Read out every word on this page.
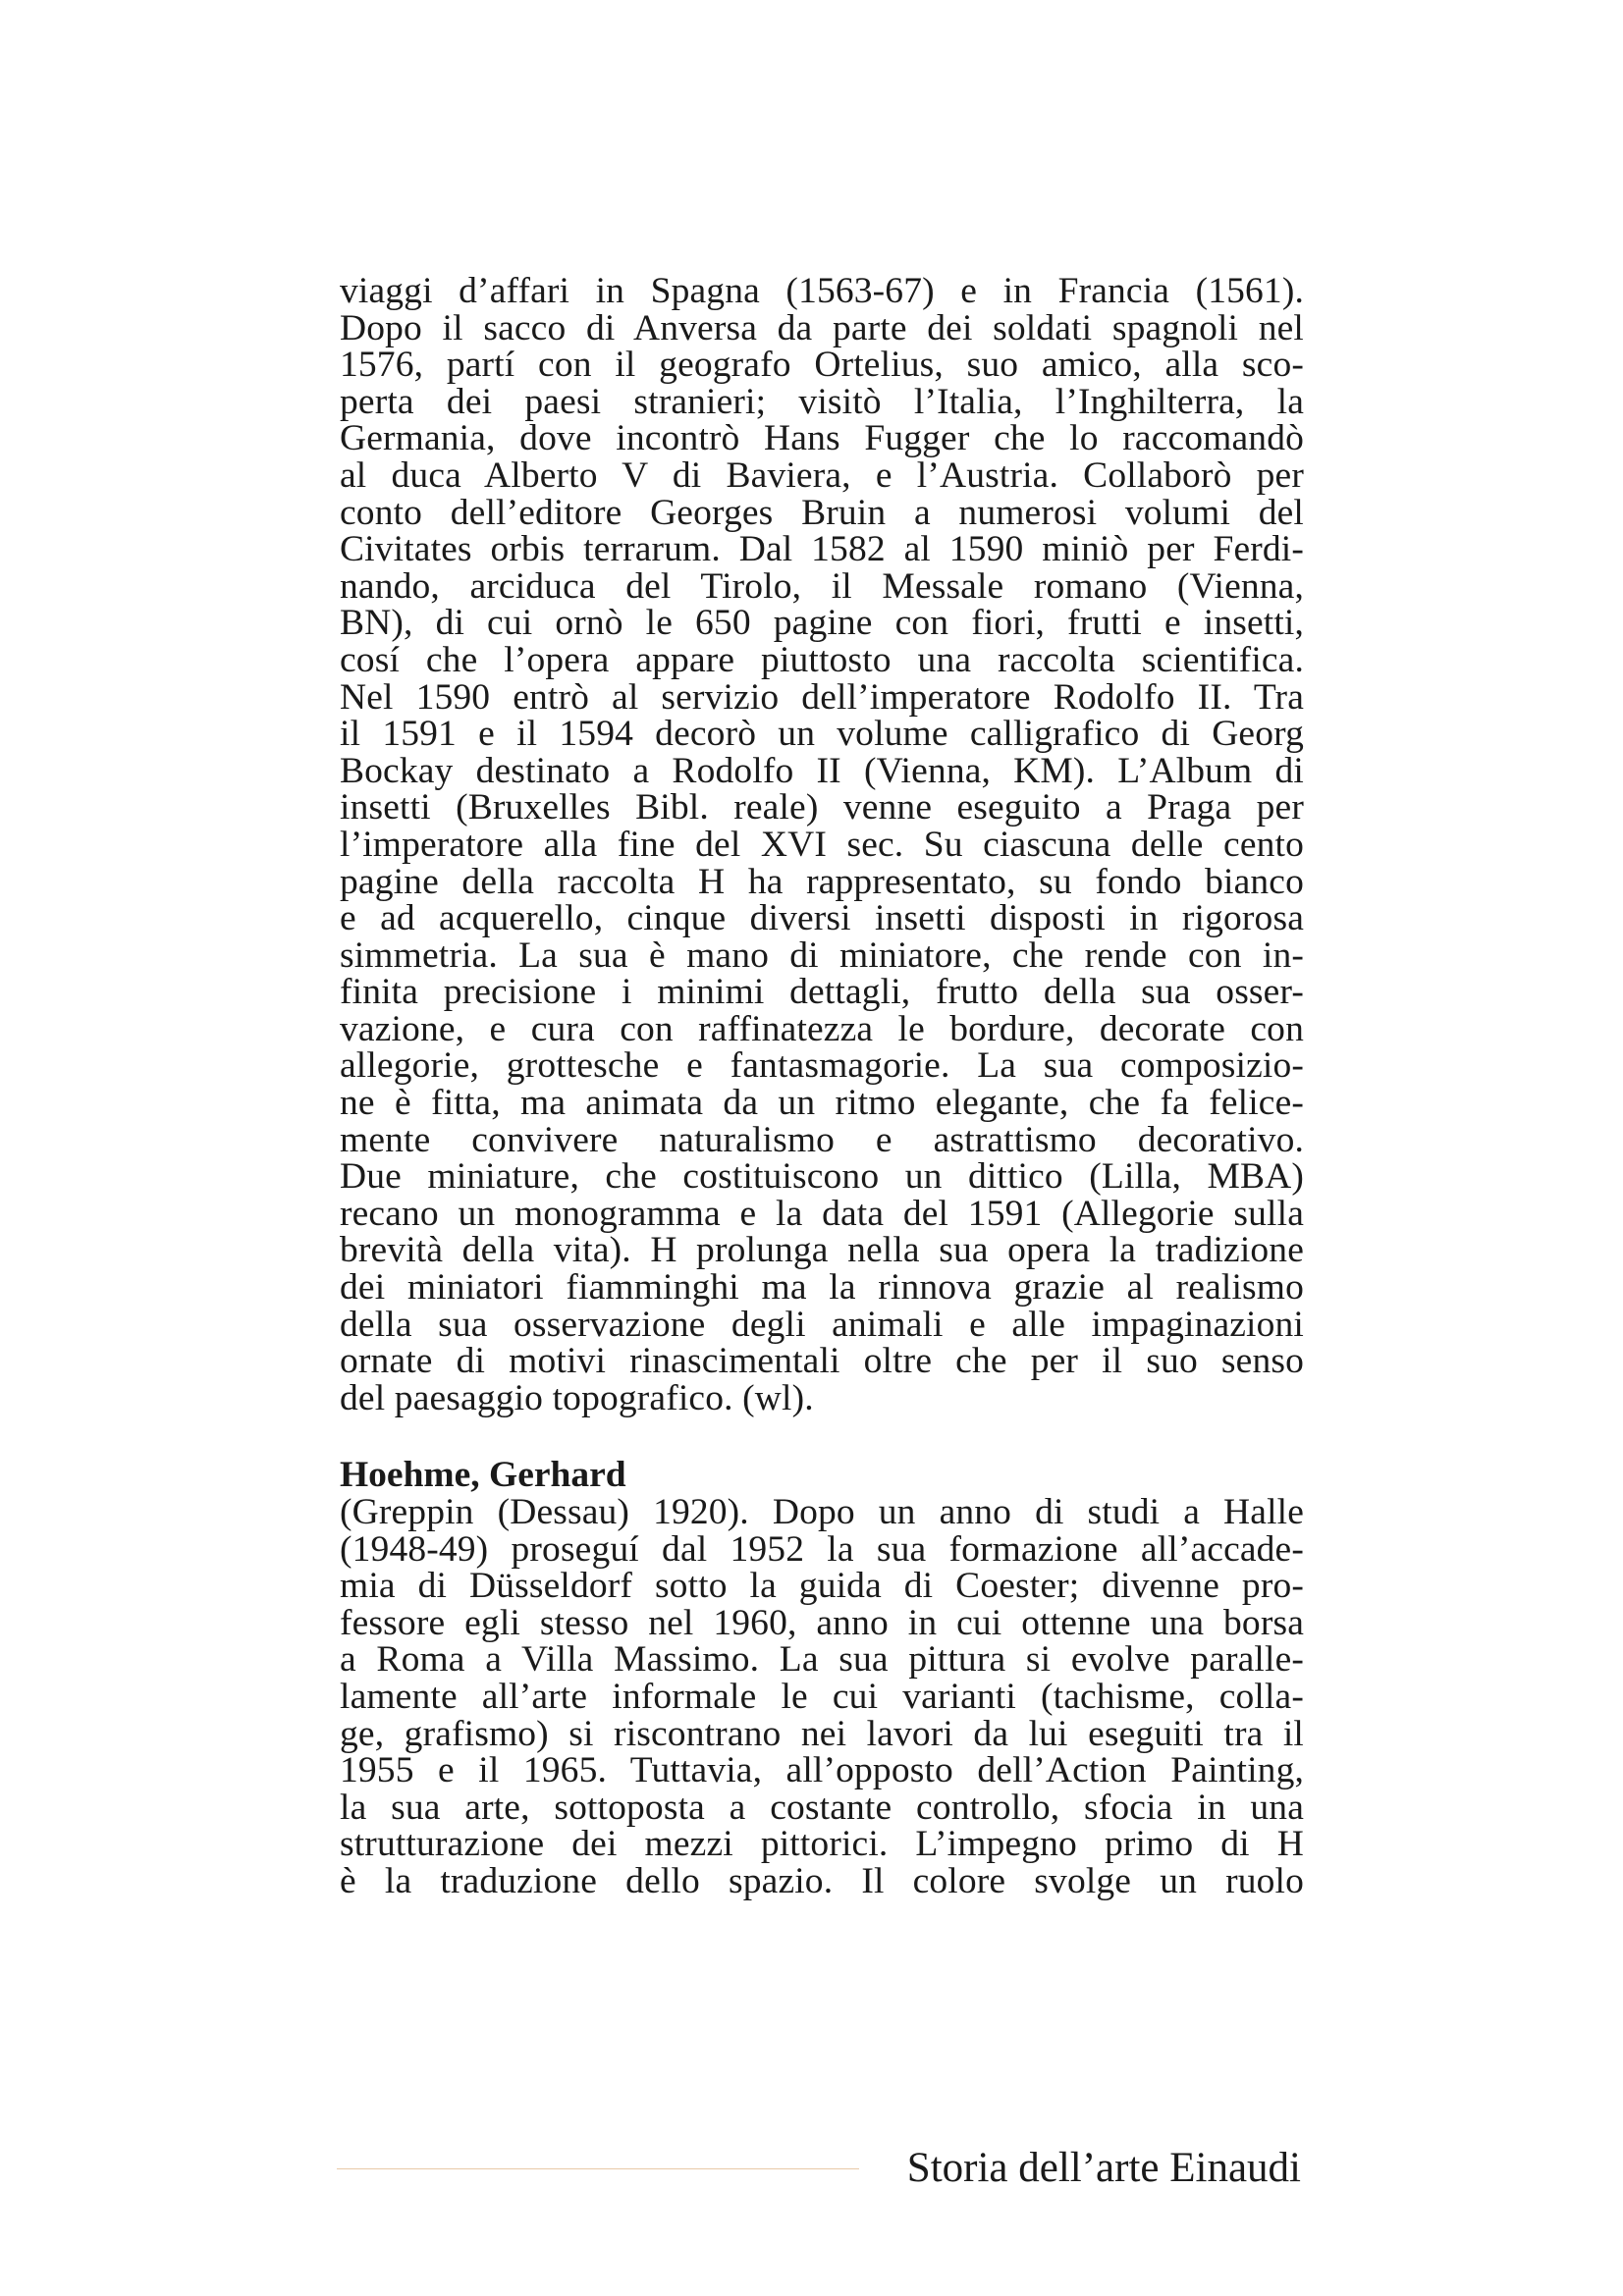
viaggi d’affari in Spagna (1563-67) e in Francia (1561).
Dopo il sacco di Anversa da parte dei soldati spagnoli nel
1576, partí con il geografo Ortelius, suo amico, alla sco-
perta dei paesi stranieri; visitò l’Italia, l’Inghilterra, la
Germania, dove incontrò Hans Fugger che lo raccomandò
al duca Alberto V di Baviera, e l’Austria. Collaborò per
conto dell’editore Georges Bruin a numerosi volumi del
Civitates orbis terrarum. Dal 1582 al 1590 miniò per Ferdi-
nando, arciduca del Tirolo, il Messale romano (Vienna,
BN), di cui ornò le 650 pagine con fiori, frutti e insetti,
cosí che l’opera appare piuttosto una raccolta scientifica.
Nel 1590 entrò al servizio dell’imperatore Rodolfo II. Tra
il 1591 e il 1594 decorò un volume calligrafico di Georg
Bockay destinato a Rodolfo II (Vienna, KM). L’Album di
insetti (Bruxelles Bibl. reale) venne eseguito a Praga per
l’imperatore alla fine del XVI sec. Su ciascuna delle cento
pagine della raccolta H ha rappresentato, su fondo bianco
e ad acquerello, cinque diversi insetti disposti in rigorosa
simmetria. La sua è mano di miniatore, che rende con in-
finita precisione i minimi dettagli, frutto della sua osser-
vazione, e cura con raffinatezza le bordure, decorate con
allegorie, grottesche e fantasmagorie. La sua composizio-
ne è fitta, ma animata da un ritmo elegante, che fa felice-
mente convivere naturalismo e astrattismo decorativo.
Due miniature, che costituiscono un dittico (Lilla, MBA)
recano un monogramma e la data del 1591 (Allegorie sulla
brevità della vita). H prolunga nella sua opera la tradizione
dei miniatori fiamminghi ma la rinnova grazie al realismo
della sua osservazione degli animali e alle impaginazioni
ornate di motivi rinascimentali oltre che per il suo senso
del paesaggio topografico. (wl).
Hoehme, Gerhard
(Greppin (Dessau) 1920). Dopo un anno di studi a Halle
(1948-49) proseguí dal 1952 la sua formazione all’accade-
mia di Düsseldorf sotto la guida di Coester; divenne pro-
fessore egli stesso nel 1960, anno in cui ottenne una borsa
a Roma a Villa Massimo. La sua pittura si evolve paralle-
lamente all’arte informale le cui varianti (tachisme, colla-
ge, grafismo) si riscontrano nei lavori da lui eseguiti tra il
1955 e il 1965. Tuttavia, all’opposto dell’Action Painting,
la sua arte, sottoposta a costante controllo, sfocia in una
strutturazione dei mezzi pittorici. L’impegno primo di H
è la traduzione dello spazio. Il colore svolge un ruolo
Storia dell’arte Einaudi
